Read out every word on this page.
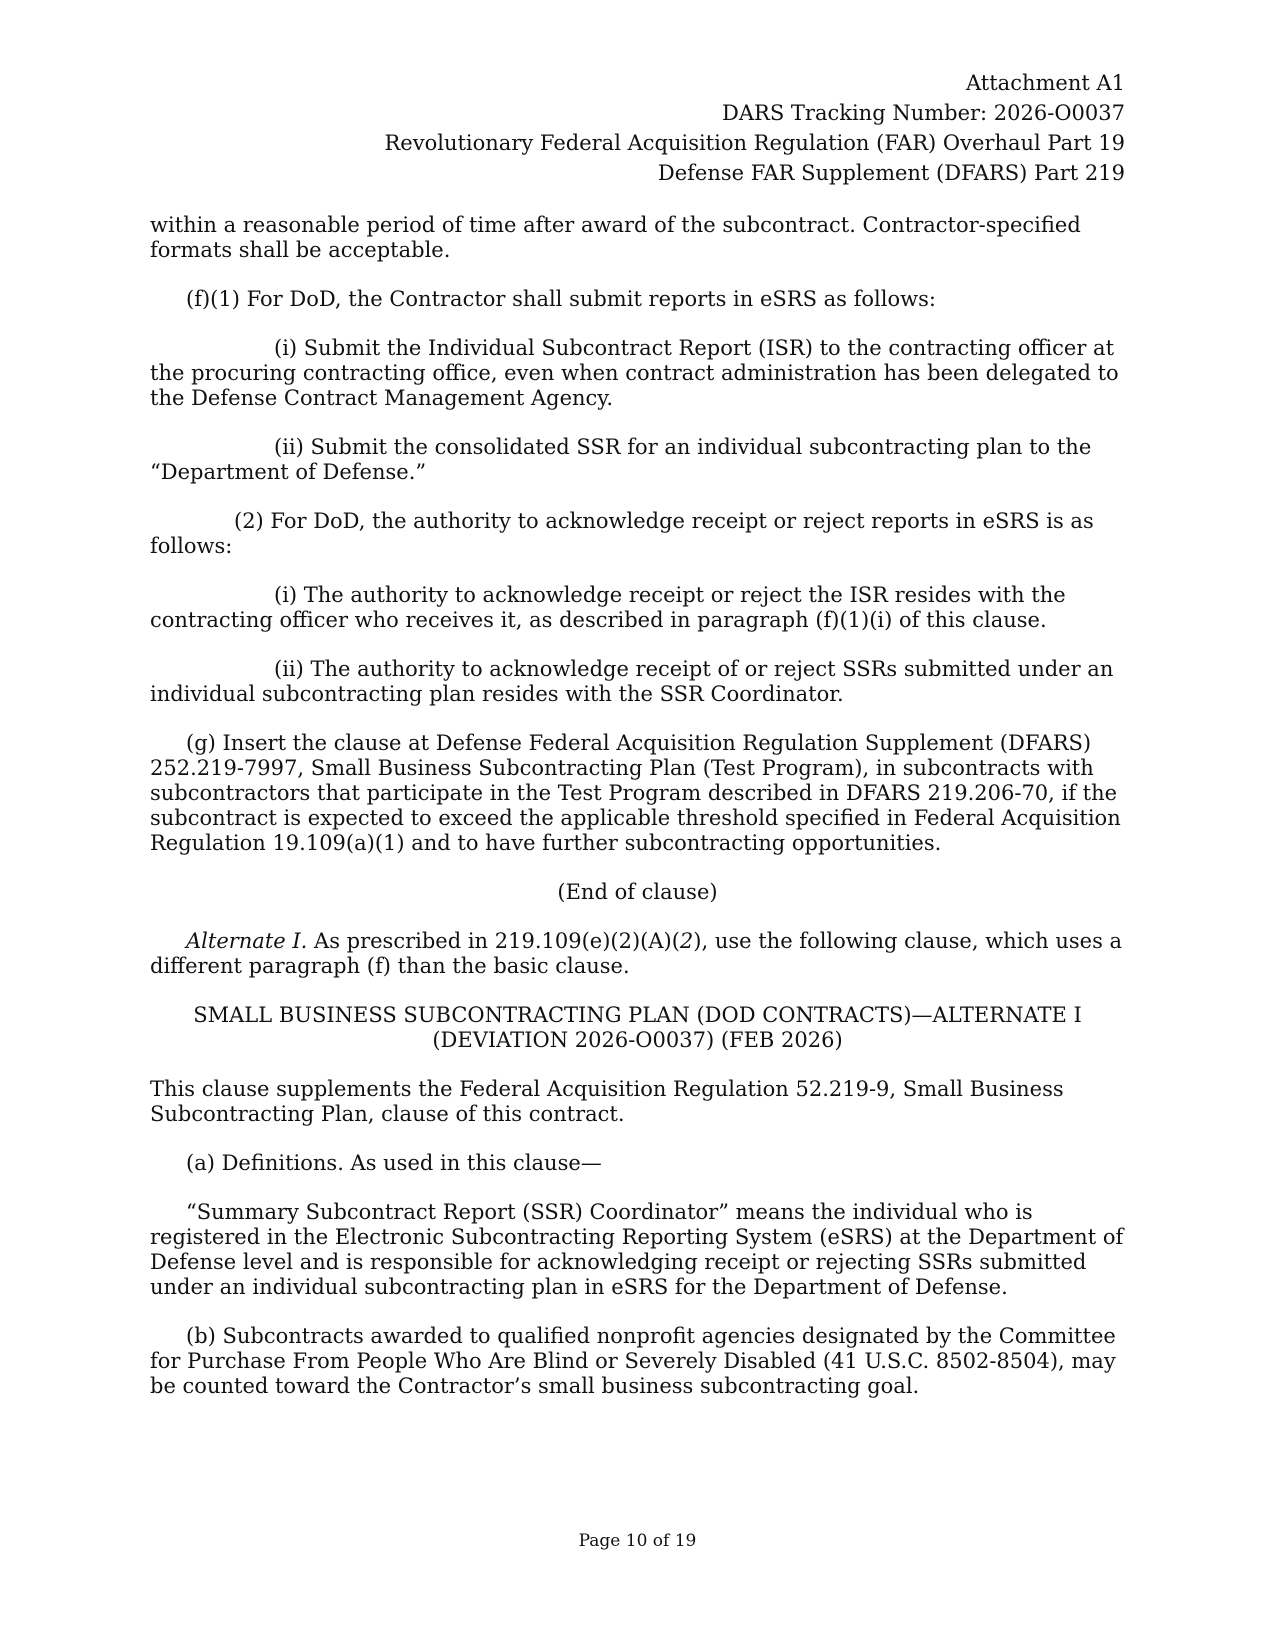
Attachment A1
DARS Tracking Number: 2026-O0037
Revolutionary Federal Acquisition Regulation (FAR) Overhaul Part 19
Defense FAR Supplement (DFARS) Part 219

within a reasonable period of time after award of the subcontract. Contractor-specified formats shall be acceptable.

(f)(1) For DoD, the Contractor shall submit reports in eSRS as follows:

(i) Submit the Individual Subcontract Report (ISR) to the contracting officer at the procuring contracting office, even when contract administration has been delegated to the Defense Contract Management Agency.

(ii) Submit the consolidated SSR for an individual subcontracting plan to the “Department of Defense.”

(2) For DoD, the authority to acknowledge receipt or reject reports in eSRS is as follows:

(i) The authority to acknowledge receipt or reject the ISR resides with the contracting officer who receives it, as described in paragraph (f)(1)(i) of this clause.

(ii) The authority to acknowledge receipt of or reject SSRs submitted under an individual subcontracting plan resides with the SSR Coordinator.

(g) Insert the clause at Defense Federal Acquisition Regulation Supplement (DFARS) 252.219-7997, Small Business Subcontracting Plan (Test Program), in subcontracts with subcontractors that participate in the Test Program described in DFARS 219.206-70, if the subcontract is expected to exceed the applicable threshold specified in Federal Acquisition Regulation 19.109(a)(1) and to have further subcontracting opportunities.

(End of clause)

Alternate I. As prescribed in 219.109(e)(2)(A)(2), use the following clause, which uses a different paragraph (f) than the basic clause.

SMALL BUSINESS SUBCONTRACTING PLAN (DOD CONTRACTS)—ALTERNATE I (DEVIATION 2026-O0037) (FEB 2026)

This clause supplements the Federal Acquisition Regulation 52.219-9, Small Business Subcontracting Plan, clause of this contract.

(a) Definitions. As used in this clause—

“Summary Subcontract Report (SSR) Coordinator” means the individual who is registered in the Electronic Subcontracting Reporting System (eSRS) at the Department of Defense level and is responsible for acknowledging receipt or rejecting SSRs submitted under an individual subcontracting plan in eSRS for the Department of Defense.

(b) Subcontracts awarded to qualified nonprofit agencies designated by the Committee for Purchase From People Who Are Blind or Severely Disabled (41 U.S.C. 8502-8504), may be counted toward the Contractor’s small business subcontracting goal.

Page 10 of 19
